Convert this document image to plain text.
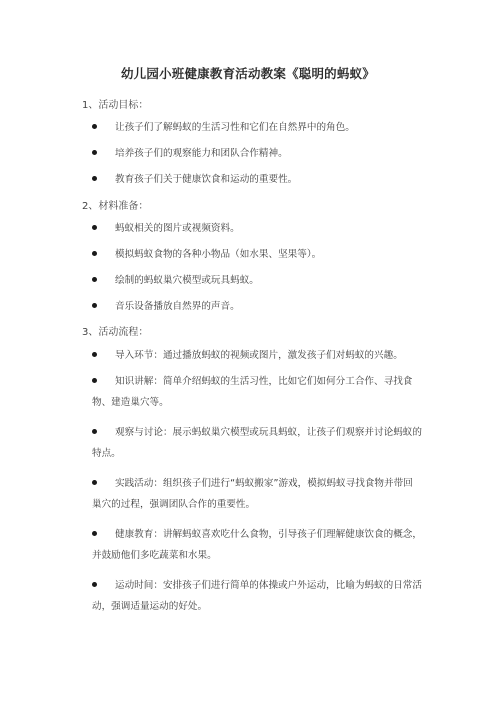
幼儿园小班健康教育活动教案《聪明的蚂蚁》
1、活动目标：
让孩子们了解蚂蚁的生活习性和它们在自然界中的角色。
培养孩子们的观察能力和团队合作精神。
教育孩子们关于健康饮食和运动的重要性。
2、材料准备：
蚂蚁相关的图片或视频资料。
模拟蚂蚁食物的各种小物品（如水果、坚果等）。
绘制的蚂蚁巢穴模型或玩具蚂蚁。
音乐设备播放自然界的声音。
3、活动流程：
导入环节：通过播放蚂蚁的视频或图片，激发孩子们对蚂蚁的兴趣。
知识讲解：简单介绍蚂蚁的生活习性，比如它们如何分工合作、寻找食物、建造巢穴等。
观察与讨论：展示蚂蚁巢穴模型或玩具蚂蚁，让孩子们观察并讨论蚂蚁的特点。
实践活动：组织孩子们进行“蚂蚁搬家”游戏，模拟蚂蚁寻找食物并带回巢穴的过程，强调团队合作的重要性。
健康教育：讲解蚂蚁喜欢吃什么食物，引导孩子们理解健康饮食的概念，并鼓励他们多吃蔬菜和水果。
运动时间：安排孩子们进行简单的体操或户外运动，比喻为蚂蚁的日常活动，强调适量运动的好处。
